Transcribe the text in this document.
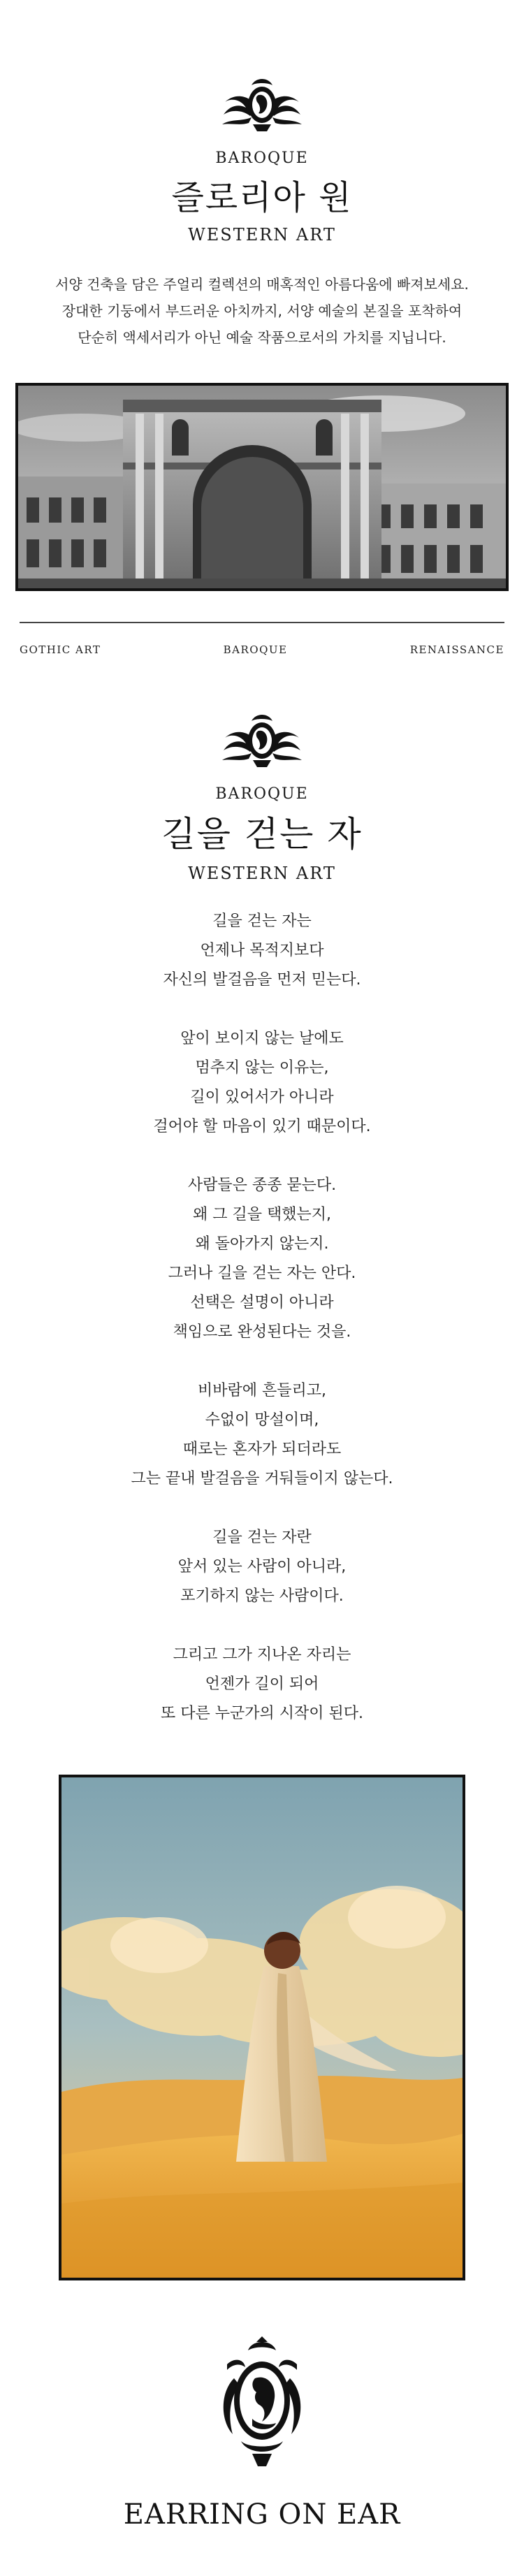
BAROQUE
즐로리아 원
WESTERN ART
서양 건축을 담은 주얼리 컬렉션의 매혹적인 아름다움에 빠져보세요.
장대한 기둥에서 부드러운 아치까지, 서양 예술의 본질을 포착하여
단순히 액세서리가 아닌 예술 작품으로서의 가치를 지닙니다.
GOTHIC ART	BAROQUE	RENAISSANCE
BAROQUE
길을 걷는 자
WESTERN ART
길을 걷는 자는
언제나 목적지보다
자신의 발걸음을 먼저 믿는다.
앞이 보이지 않는 날에도
멈추지 않는 이유는,
길이 있어서가 아니라
걸어야 할 마음이 있기 때문이다.
사람들은 종종 묻는다.
왜 그 길을 택했는지,
왜 돌아가지 않는지.
그러나 길을 걷는 자는 안다.
선택은 설명이 아니라
책임으로 완성된다는 것을.
비바람에 흔들리고,
수없이 망설이며,
때로는 혼자가 되더라도
그는 끝내 발걸음을 거둬들이지 않는다.
길을 걷는 자란
앞서 있는 사람이 아니라,
포기하지 않는 사람이다.
그리고 그가 지나온 자리는
언젠가 길이 되어
또 다른 누군가의 시작이 된다.
EARRING ON EAR
